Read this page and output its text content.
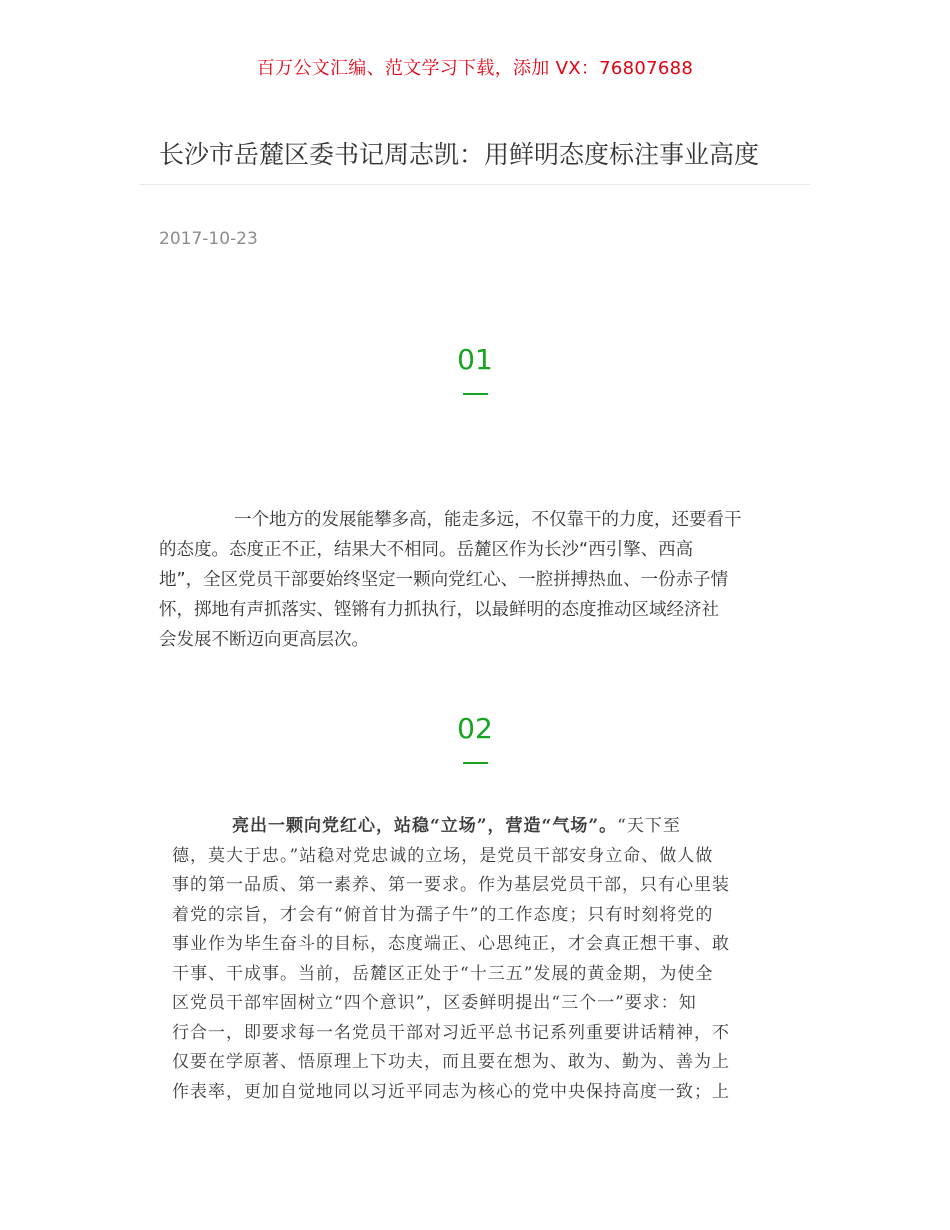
百万公文汇编、范文学习下载，添加 VX：76807688
长沙市岳麓区委书记周志凯：用鲜明态度标注事业高度
2017-10-23
01
一个地方的发展能攀多高，能走多远，不仅靠干的力度，还要看干
的态度。态度正不正，结果大不相同。岳麓区作为长沙“西引擎、西高
地”，全区党员干部要始终坚定一颗向党红心、一腔拼搏热血、一份赤子情
怀，掷地有声抓落实、铿锵有力抓执行，以最鲜明的态度推动区域经济社
会发展不断迈向更高层次。
02
亮出一颗向党红心，站稳“立场”，营造“气场”。“天下至
德，莫大于忠。”站稳对党忠诚的立场，是党员干部安身立命、做人做
事的第一品质、第一素养、第一要求。作为基层党员干部，只有心里装
着党的宗旨，才会有“俯首甘为孺子牛”的工作态度；只有时刻将党的
事业作为毕生奋斗的目标，态度端正、心思纯正，才会真正想干事、敢
干事、干成事。当前，岳麓区正处于“十三五”发展的黄金期，为使全
区党员干部牢固树立“四个意识”，区委鲜明提出“三个一”要求：知
行合一，即要求每一名党员干部对习近平总书记系列重要讲话精神，不
仅要在学原著、悟原理上下功夫，而且要在想为、敢为、勤为、善为上
作表率，更加自觉地同以习近平同志为核心的党中央保持高度一致；上
